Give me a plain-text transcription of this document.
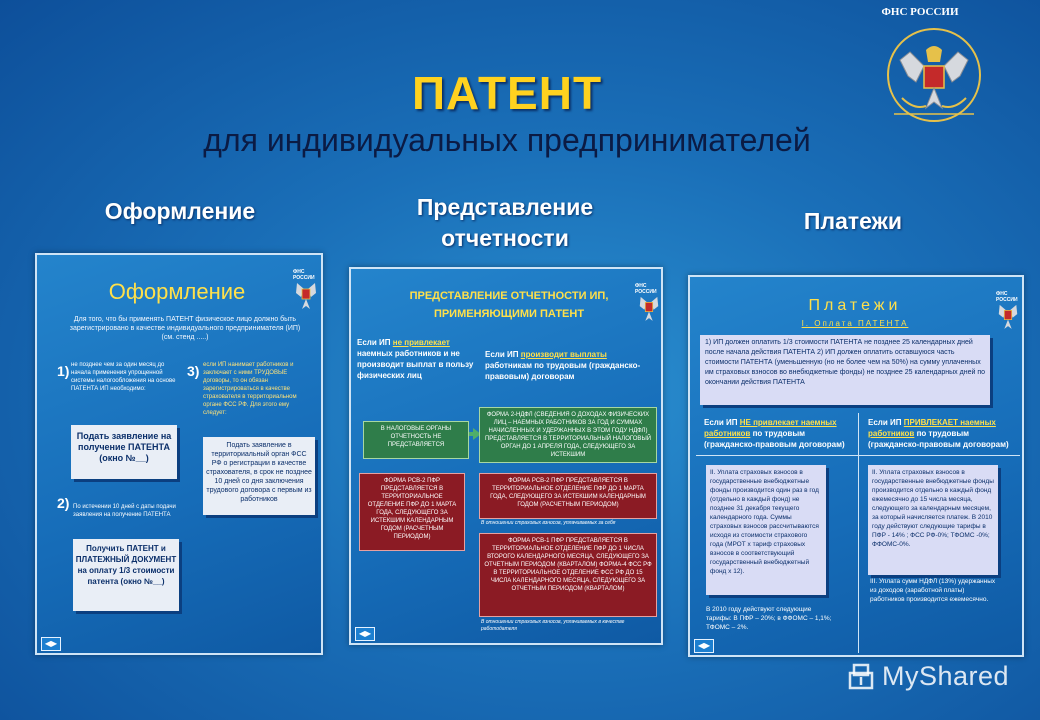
ФНС РОССИИ
ПАТЕНТ
для индивидуальных предпринимателей
Оформление	Представление
отчетности
Платежи
ФНС РОССИИ
Оформление
Для того, что бы применять ПАТЕНТ физическое лицо должно быть зарегистрировано в качестве индивидуального предпринимателя (ИП) (см. стенд .....)
1)	3)
2)
не позднее чем за один месяц до начала применения упрощенной системы налогообложения на основе ПАТЕНТА ИП необходимо:
если ИП нанимает работников и заключает с ними ТРУДОВЫЕ договоры, то он обязан зарегистрироваться в качестве страхователя в территориальном органе ФСС РФ. Для этого ему следует:
По истечении 10 дней с даты подачи заявления на получение ПАТЕНТА
Подать заявление на получение ПАТЕНТА (окно №__)
Подать заявление в территориальный орган ФСС РФ о регистрации в качестве страхователя, в срок не позднее 10 дней со дня заключения трудового договора с первым из работников
Получить ПАТЕНТ и ПЛАТЕЖНЫЙ ДОКУМЕНТ на оплату 1/3 стоимости патента (окно №__)
◀▶
ФНС РОССИИ
ПРЕДСТАВЛЕНИЕ ОТЧЕТНОСТИ ИП, ПРИМЕНЯЮЩИМИ ПАТЕНТ
Если ИП не привлекает наемных работников и не производит выплат в пользу физических лиц
Если ИП производит выплаты работникам по трудовым (гражданско-правовым) договорам
В НАЛОГОВЫЕ ОРГАНЫ ОТЧЕТНОСТЬ НЕ ПРЕДСТАВЛЯЕТСЯ
ФОРМА 2-НДФЛ (СВЕДЕНИЯ О ДОХОДАХ ФИЗИЧЕСКИХ ЛИЦ – НАЕМНЫХ РАБОТНИКОВ ЗА ГОД И СУММАХ НАЧИСЛЕННЫХ И УДЕРЖАННЫХ В ЭТОМ ГОДУ НДФЛ) ПРЕДСТАВЛЯЕТСЯ В ТЕРРИТОРИАЛЬНЫЙ НАЛОГОВЫЙ ОРГАН ДО 1 АПРЕЛЯ ГОДА, СЛЕДУЮЩЕГО ЗА ИСТЕКШИМ
ФОРМА РСВ-2 ПФР ПРЕДСТАВЛЯЕТСЯ В ТЕРРИТОРИАЛЬНОЕ ОТДЕЛЕНИЕ ПФР ДО 1 МАРТА ГОДА, СЛЕДУЮЩЕГО ЗА ИСТЕКШИМ КАЛЕНДАРНЫМ ГОДОМ (РАСЧЕТНЫМ ПЕРИОДОМ)
ФОРМА РСВ-2 ПФР ПРЕДСТАВЛЯЕТСЯ В ТЕРРИТОРИАЛЬНОЕ ОТДЕЛЕНИЕ ПФР ДО 1 МАРТА ГОДА, СЛЕДУЮЩЕГО ЗА ИСТЕКШИМ КАЛЕНДАРНЫМ ГОДОМ (РАСЧЕТНЫМ ПЕРИОДОМ)
В отношении страховых взносов, уплачиваемых за себя
ФОРМА РСВ-1 ПФР ПРЕДСТАВЛЯЕТСЯ В ТЕРРИТОРИАЛЬНОЕ ОТДЕЛЕНИЕ ПФР ДО 1 ЧИСЛА ВТОРОГО КАЛЕНДАРНОГО МЕСЯЦА, СЛЕДУЮЩЕГО ЗА ОТЧЕТНЫМ ПЕРИОДОМ (КВАРТАЛОМ) ФОРМА-4 ФСС РФ В ТЕРРИТОРИАЛЬНОЕ ОТДЕЛЕНИЕ ФСС РФ ДО 15 ЧИСЛА КАЛЕНДАРНОГО МЕСЯЦА, СЛЕДУЮЩЕГО ЗА ОТЧЕТНЫМ ПЕРИОДОМ (КВАРТАЛОМ)
В отношении страховых взносов, уплачиваемых в качестве работодателя
◀▶
ФНС РОССИИ
Платежи
I. Оплата ПАТЕНТА
1) ИП должен оплатить 1/3 стоимости ПАТЕНТА не позднее 25 календарных дней после начала действия ПАТЕНТА 2) ИП должен оплатить оставшуюся часть стоимости ПАТЕНТА (уменьшенную (но не более чем на 50%) на сумму уплаченных им страховых взносов во внебюджетные фонды) не позднее 25 календарных дней по окончании действия ПАТЕНТА
Если ИП НЕ привлекает наемных работников по трудовым (гражданско-правовым договорам)
Если ИП ПРИВЛЕКАЕТ наемных работников по трудовым (гражданско-правовым договорам)
II. Уплата страховых взносов в государственные внебюджетные фонды производится один раз в год (отдельно в каждый фонд) не позднее 31 декабря текущего календарного года. Суммы страховых взносов рассчитываются исходя из стоимости страхового года (МРОТ х тариф страховых взносов в соответствующий государственный внебюджетный фонд х 12).
II. Уплата страховых взносов в государственные внебюджетные фонды производится отдельно в каждый фонд ежемесячно до 15 числа месяца, следующего за календарным месяцем, за который начисляется платеж. В 2010 году действуют следующие тарифы в ПФР - 14% ; ФСС РФ-0%; ТФОМС -0%; ФФОМС-0%.
В 2010 году действуют следующие тарифы: В ПФР – 20%; в ФФОМС – 1,1%; ТФОМС – 2%.
III. Уплата сумм НДФЛ (13%) удержанных из доходов (заработной платы) работников производится ежемесячно.
◀▶
MyShared
